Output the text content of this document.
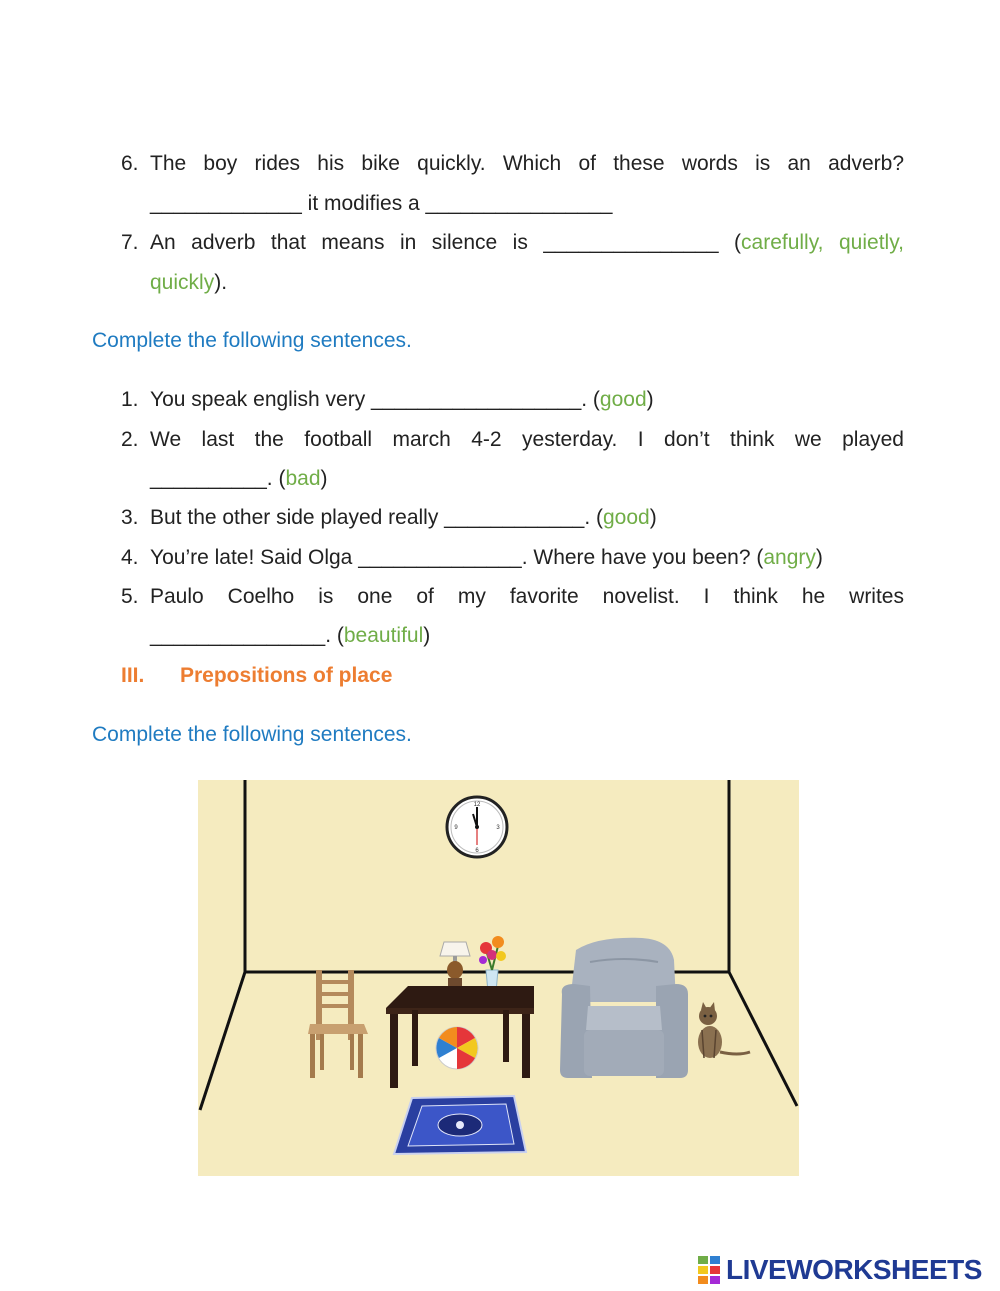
6. The boy rides his bike quickly. Which of these words is an adverb?
_____________ it modifies a ________________
7. An adverb that means in silence is _______________ (carefully, quietly,
quickly).
Complete the following sentences.
1. You speak english very __________________. (good)
2. We last the football march 4-2 yesterday. I don’t think we played
__________. (bad)
3. But the other side played really ____________. (good)
4. You’re late! Said Olga ______________. Where have you been? (angry)
5. Paulo Coelho is one of my favorite novelist. I think he writes
_______________. (beautiful)
III. Prepositions of place
Complete the following sentences.
12
3
6
9
LIVEWORKSHEETS
